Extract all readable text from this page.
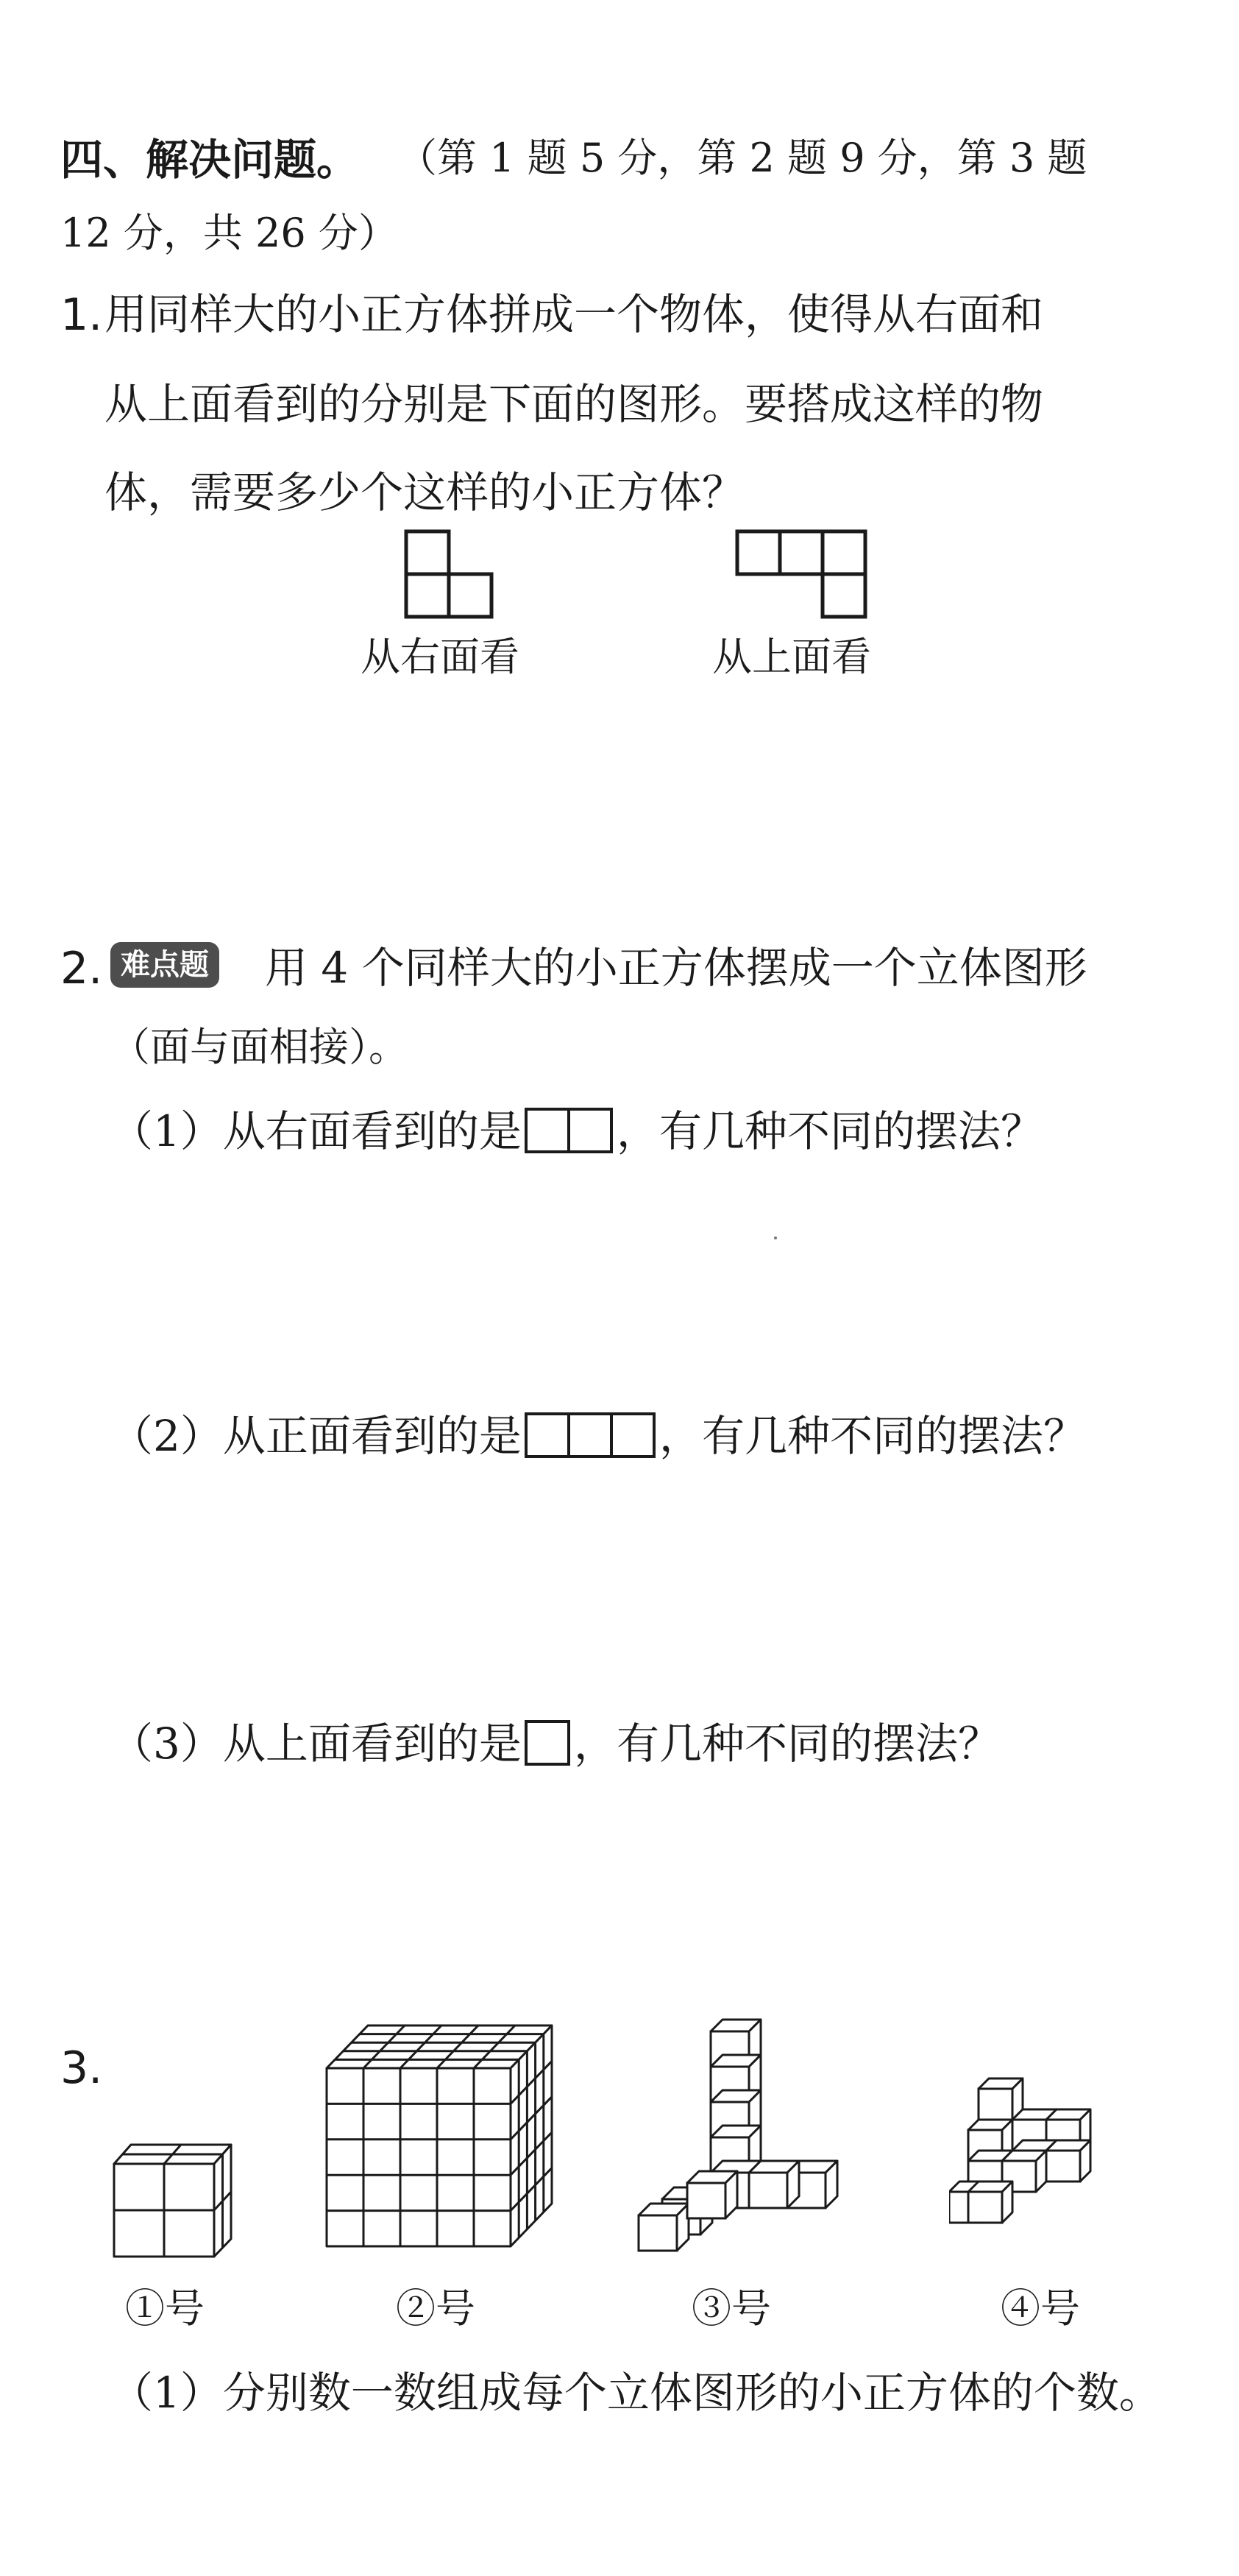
四、解决问题。 （第 1 题 5 分，第 2 题 9 分，第 3 题
12 分，共 26 分）
1. 用同样大的小正方体拼成一个物体，使得从右面和
从上面看到的分别是下面的图形。要搭成这样的物
体，需要多少个这样的小正方体？
从右面看	从上面看
2. 难点题 用 4 个同样大的小正方体摆成一个立体图形
（面与面相接）。
（1）从右面看到的是 ，有几种不同的摆法？
（2）从正面看到的是	，有几种不同的摆法？
（3）从上面看到的是 ，有几种不同的摆法？
3.
①号	②号	③号	④号
（1）分别数一数组成每个立体图形的小正方体的个数。
